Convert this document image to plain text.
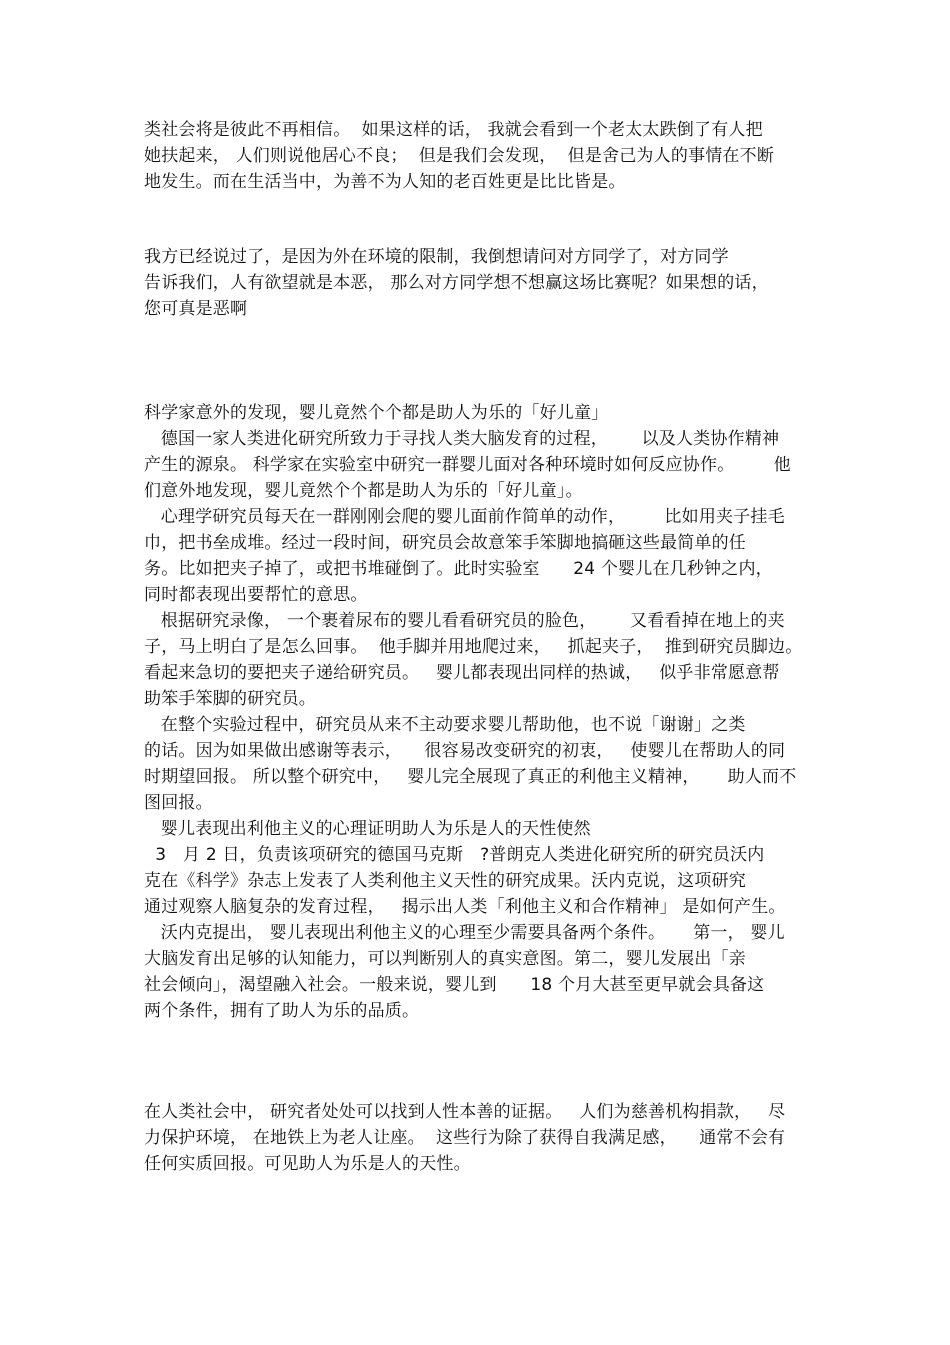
类社会将是彼此不再相信。  如果这样的话， 我就会看到一个老太太跌倒了有人把
她扶起来， 人们则说他居心不良；  但是我们会发现，  但是舍己为人的事情在不断
地发生。而在生活当中，为善不为人知的老百姓更是比比皆是。
我方已经说过了，是因为外在环境的限制，我倒想请问对方同学了，对方同学
告诉我们，人有欲望就是本恶， 那么对方同学想不想赢这场比赛呢？如果想的话，
您可真是恶啊
科学家意外的发现，婴儿竟然个个都是助人为乐的「好儿童」
德国一家人类进化研究所致力于寻找人类大脑发育的过程，      以及人类协作精神
产生的源泉。 科学家在实验室中研究一群婴儿面对各种环境时如何反应协作。       他
们意外地发现，婴儿竟然个个都是助人为乐的「好儿童」。
心理学研究员每天在一群刚刚会爬的婴儿面前作简单的动作，       比如用夹子挂毛
巾，把书垒成堆。经过一段时间，研究员会故意笨手笨脚地搞砸这些最简单的任
务。比如把夹子掉了，或把书堆碰倒了。此时实验室      24 个婴儿在几秒钟之内，
同时都表现出要帮忙的意思。
根据研究录像， 一个裹着尿布的婴儿看看研究员的脸色，      又看看掉在地上的夹
子，马上明白了是怎么回事。  他手脚并用地爬过来，   抓起夹子，  推到研究员脚边。
看起来急切的要把夹子递给研究员。   婴儿都表现出同样的热诚，   似乎非常愿意帮
助笨手笨脚的研究员。
在整个实验过程中，研究员从来不主动要求婴儿帮助他，也不说「谢谢」之类
的话。因为如果做出感谢等表示，    很容易改变研究的初衷，   使婴儿在帮助人的同
时期望回报。 所以整个研究中，   婴儿完全展现了真正的利他主义精神，     助人而不
图回报。
婴儿表现出利他主义的心理证明助人为乐是人的天性使然
3   月 2 日，负责该项研究的德国马克斯   ?普朗克人类进化研究所的研究员沃内
克在《科学》杂志上发表了人类利他主义天性的研究成果。沃内克说，这项研究
通过观察人脑复杂的发育过程，   揭示出人类「利他主义和合作精神」 是如何产生。
沃内克提出， 婴儿表现出利他主义的心理至少需要具备两个条件。     第一， 婴儿
大脑发育出足够的认知能力，可以判断别人的真实意图。第二，婴儿发展出「亲
社会倾向」，渴望融入社会。一般来说，婴儿到      18 个月大甚至更早就会具备这
两个条件，拥有了助人为乐的品质。
在人类社会中， 研究者处处可以找到人性本善的证据。   人们为慈善机构捐款，   尽
力保护环境， 在地铁上为老人让座。  这些行为除了获得自我满足感，    通常不会有
任何实质回报。可见助人为乐是人的天性。
